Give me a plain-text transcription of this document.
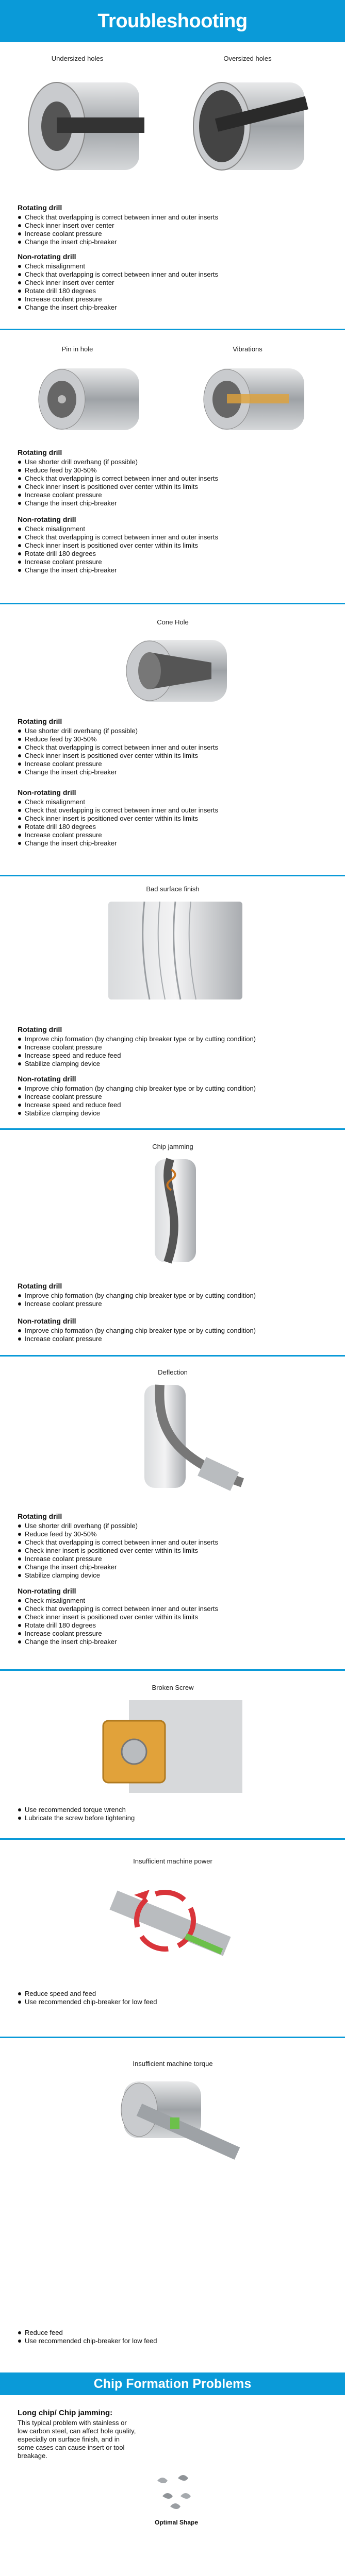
Troubleshooting
Undersized holes	Oversized holes
Rotating drill
Check that overlapping is correct between inner and outer inserts
Check inner insert over center
Increase coolant pressure
Change the insert chip-breaker
Non-rotating drill
Check misalignment
Check that overlapping is correct between inner and outer inserts
Check inner insert over center
Rotate drill 180 degrees
Increase coolant pressure
Change the insert chip-breaker
Pin in hole	Vibrations
Rotating drill
Use shorter drill overhang (if possible)
Reduce feed by 30-50%
Check that overlapping is correct between inner and outer inserts
Check inner insert is positioned over center within its limits
Increase coolant pressure
Change the insert chip-breaker
Non-rotating drill
Check misalignment
Check that overlapping is correct between inner and outer inserts
Check inner insert is positioned over center within its limits
Rotate drill 180 degrees
Increase coolant pressure
Change the insert chip-breaker
Cone Hole
Rotating drill
Use shorter drill overhang (if possible)
Reduce feed by 30-50%
Check that overlapping is correct between inner and outer inserts
Check inner insert is positioned over center within its limits
Increase coolant pressure
Change the insert chip-breaker
Non-rotating drill
Check misalignment
Check that overlapping is correct between inner and outer inserts
Check inner insert is positioned over center within its limits
Rotate drill 180 degrees
Increase coolant pressure
Change the insert chip-breaker
Bad surface finish
Rotating drill
Improve chip formation (by changing chip breaker type or by cutting condition)
Increase coolant pressure
Increase speed and reduce feed
Stabilize clamping device
Non-rotating drill
Improve chip formation (by changing chip breaker type or by cutting condition)
Increase coolant pressure
Increase speed and reduce feed
Stabilize clamping device
Chip jamming
Rotating drill
Improve chip formation (by changing chip breaker type or by cutting condition)
Increase coolant pressure
Non-rotating drill
Improve chip formation (by changing chip breaker type or by cutting condition)
Increase coolant pressure
Deflection
Rotating drill
Use shorter drill overhang (if possible)
Reduce feed by 30-50%
Check that overlapping is correct between inner and outer inserts
Check inner insert is positioned over center within its limits
Increase coolant pressure
Change the insert chip-breaker
Stabilize clamping device
Non-rotating drill
Check misalignment
Check that overlapping is correct between inner and outer inserts
Check inner insert is positioned over center within its limits
Rotate drill 180 degrees
Increase coolant pressure
Change the insert chip-breaker
Broken Screw
Use recommended torque wrench
Lubricate the screw before tightening
Insufficient machine power
Reduce speed and feed
Use recommended chip-breaker for low feed
Insufficient machine torque
Reduce feed
Use recommended chip-breaker for low feed
Chip Formation Problems
Long chip/ Chip jamming:
This typical problem with stainless or low carbon steel, can affect hole quality, especially on surface finish, and in some cases can cause insert or tool breakage.
Optimal Shape
